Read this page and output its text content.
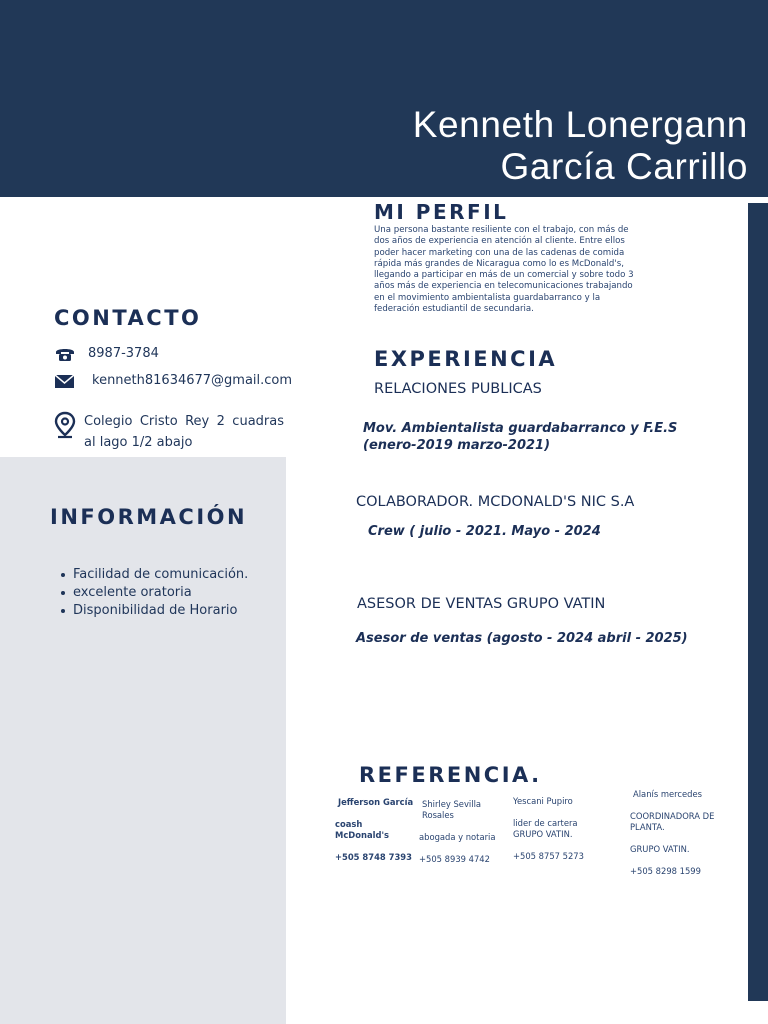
Kenneth Lonergann
García Carrillo
CONTACTO
8987-3784
kenneth81634677@gmail.com
Colegio Cristo Rey 2 cuadras al lago 1/2 abajo
INFORMACIÓN
Facilidad de comunicación.
excelente oratoria
Disponibilidad de Horario
MI PERFIL
Una persona bastante resiliente con el trabajo, con más de dos años de experiencia en atención al cliente. Entre ellos poder hacer marketing con una de las cadenas de comida rápida más grandes de Nicaragua como lo es McDonald's, llegando a participar en más de un comercial y sobre todo 3 años más de experiencia en telecomunicaciones trabajando en el movimiento ambientalista guardabarranco y la federación estudiantil de secundaria.
EXPERIENCIA
RELACIONES PUBLICAS
Mov. Ambientalista guardabarranco y F.E.S
(enero-2019 marzo-2021)
COLABORADOR. MCDONALD'S NIC S.A
Crew ( julio - 2021. Mayo - 2024
ASESOR DE VENTAS GRUPO VATIN
Asesor de ventas (agosto - 2024 abril - 2025)
REFERENCIA.
Jefferson García
coash McDonald's
+505 8748 7393
Shirley Sevilla Rosales
abogada y notaria
+505 8939 4742
Yescani Pupiro
lider de cartera GRUPO VATIN.
+505 8757 5273
Alanís mercedes
COORDINADORA DE PLANTA.
GRUPO VATIN.
+505 8298 1599
